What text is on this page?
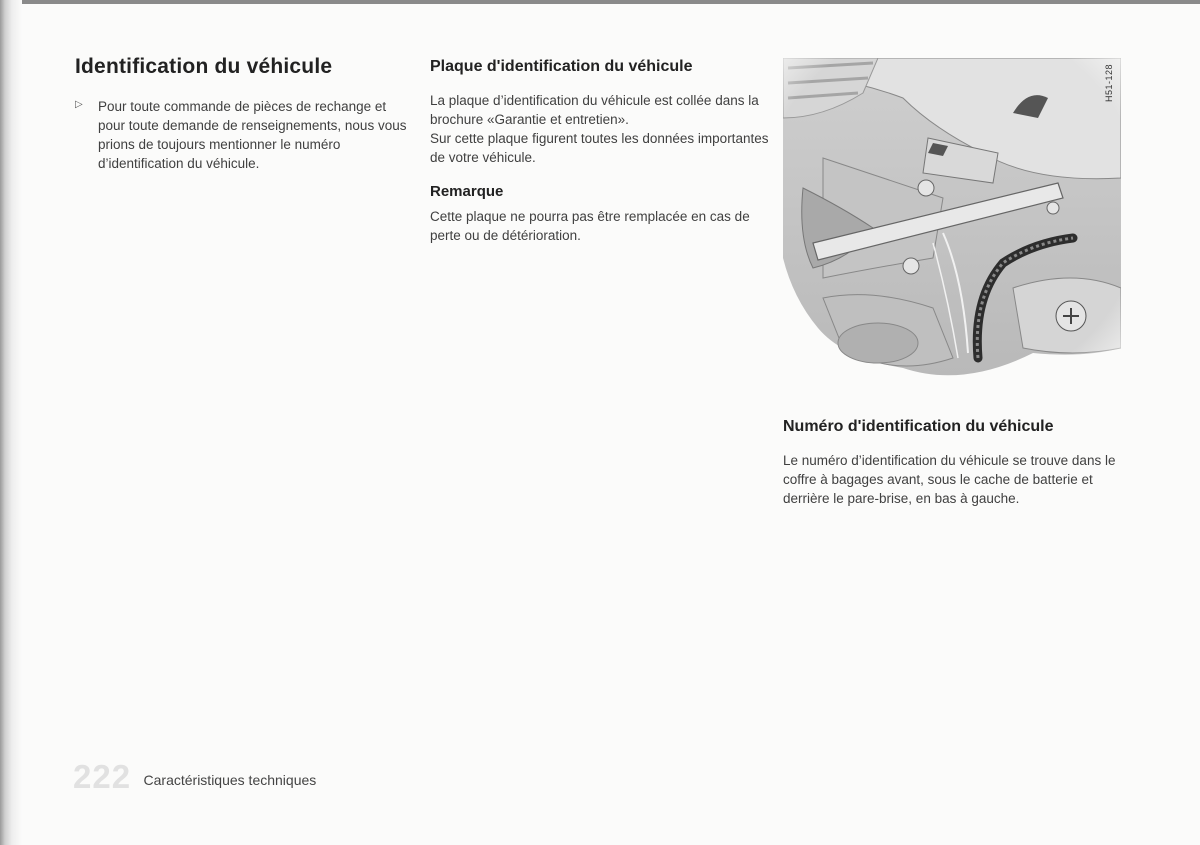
Identification du véhicule
▷ Pour toute commande de pièces de rechange et pour toute demande de renseignements, nous vous prions de toujours mentionner le numéro d’identification du véhicule.

Plaque d'identification du véhicule

La plaque d’identification du véhicule est collée dans la brochure «Garantie et entretien».

Sur cette plaque figurent toutes les données importantes de votre véhicule.

Remarque

Cette plaque ne pourra pas être remplacée en cas de perte ou de détérioration.

H51-128
Numéro d'identification du véhicule

Le numéro d’identification du véhicule se trouve dans le coffre à bagages avant, sous le cache de batterie et derrière le pare-brise, en bas à gauche.

222 Caractéristiques techniques
